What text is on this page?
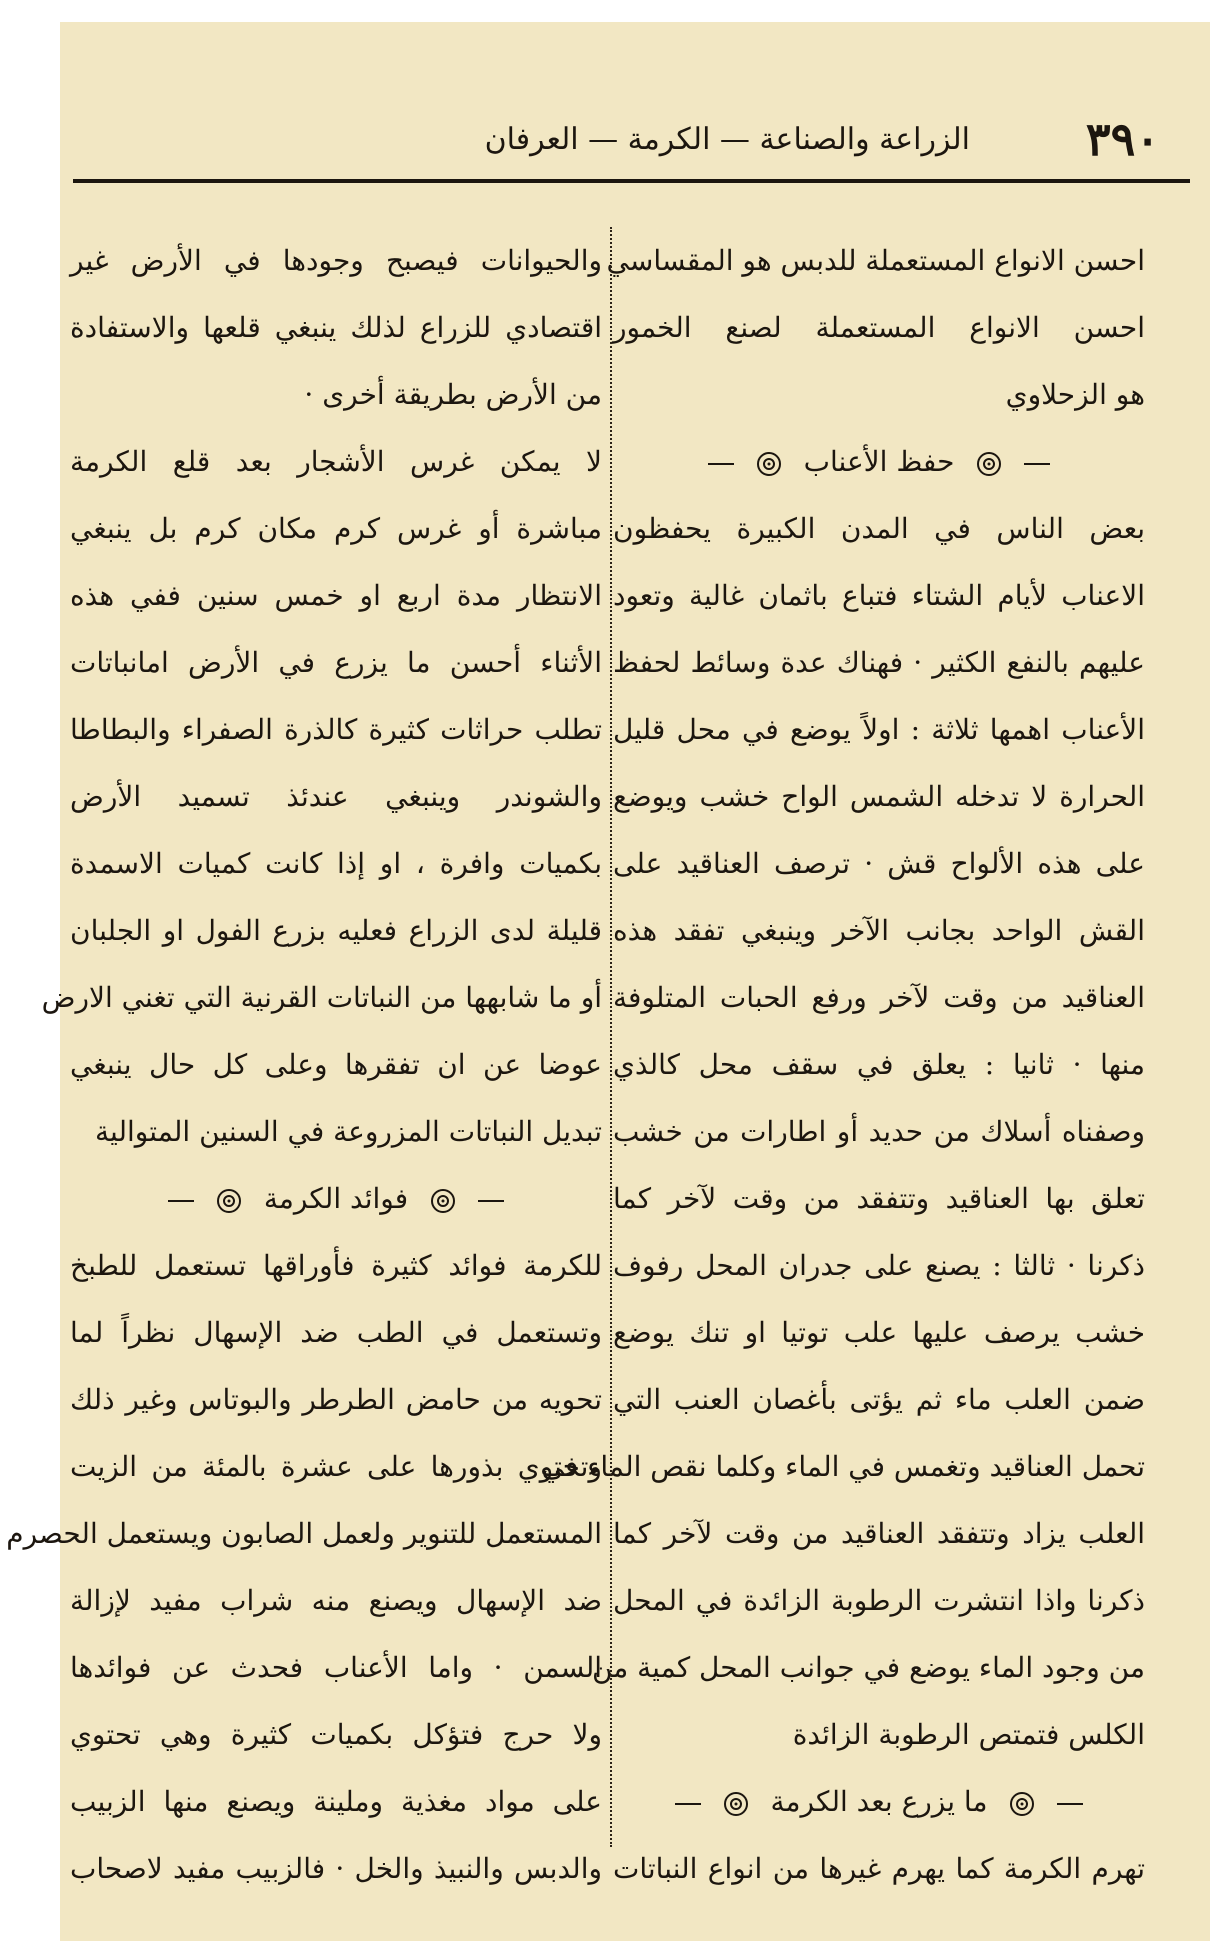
٣٩٠
الزراعة والصناعة — الكرمة — العرفان
احسن الانواع المستعملة للدبس هو المقساسي
احسن الانواع المستعملة لصنع الخمور
هو الزحلاوي
حفظ الأعناب
بعض الناس في المدن الكبيرة يحفظون
الاعناب لأيام الشتاء فتباع باثمان غالية وتعود
عليهم بالنفع الكثير · فهناك عدة وسائط لحفظ
الأعناب اهمها ثلاثة : اولاً يوضع في محل قليل
الحرارة لا تدخله الشمس الواح خشب ويوضع
على هذه الألواح قش · ترصف العناقيد على
القش الواحد بجانب الآخر وينبغي تفقد هذه
العناقيد من وقت لآخر ورفع الحبات المتلوفة
منها · ثانيا : يعلق في سقف محل كالذي
وصفناه أسلاك من حديد أو اطارات من خشب
تعلق بها العناقيد وتتفقد من وقت لآخر كما
ذكرنا · ثالثا : يصنع على جدران المحل رفوف
خشب يرصف عليها علب توتيا او تنك يوضع
ضمن العلب ماء ثم يؤتى بأغصان العنب التي
تحمل العناقيد وتغمس في الماء وكلما نقص الماء في
العلب يزاد وتتفقد العناقيد من وقت لآخر كما
ذكرنا واذا انتشرت الرطوبة الزائدة في المحل
من وجود الماء يوضع في جوانب المحل كمية من
الكلس فتمتص الرطوبة الزائدة
ما يزرع بعد الكرمة
تهرم الكرمة كما يهرم غيرها من انواع النباتات
والحيوانات فيصبح وجودها في الأرض غير
اقتصادي للزراع لذلك ينبغي قلعها والاستفادة
من الأرض بطريقة أخرى ·
لا يمكن غرس الأشجار بعد قلع الكرمة
مباشرة أو غرس كرم مكان كرم بل ينبغي
الانتظار مدة اربع او خمس سنين ففي هذه
الأثناء أحسن ما يزرع في الأرض امانباتات
تطلب حراثات كثيرة كالذرة الصفراء والبطاطا
والشوندر وينبغي عندئذ تسميد الأرض
بكميات وافرة ، او إذا كانت كميات الاسمدة
قليلة لدى الزراع فعليه بزرع الفول او الجلبان
أو ما شابهها من النباتات القرنية التي تغني الارض
عوضا عن ان تفقرها وعلى كل حال ينبغي
تبديل النباتات المزروعة في السنين المتوالية
فوائد الكرمة
للكرمة فوائد كثيرة فأوراقها تستعمل للطبخ
وتستعمل في الطب ضد الإسهال نظراً لما
تحويه من حامض الطرطر والبوتاس وغير ذلك
وتحتوي بذورها على عشرة بالمئة من الزيت
المستعمل للتنوير ولعمل الصابون ويستعمل الحصرم
ضد الإسهال ويصنع منه شراب مفيد لإزالة
السمن · واما الأعناب فحدث عن فوائدها
ولا حرج فتؤكل بكميات كثيرة وهي تحتوي
على مواد مغذية وملينة ويصنع منها الزبيب
والدبس والنبيذ والخل · فالزبيب مفيد لاصحاب
